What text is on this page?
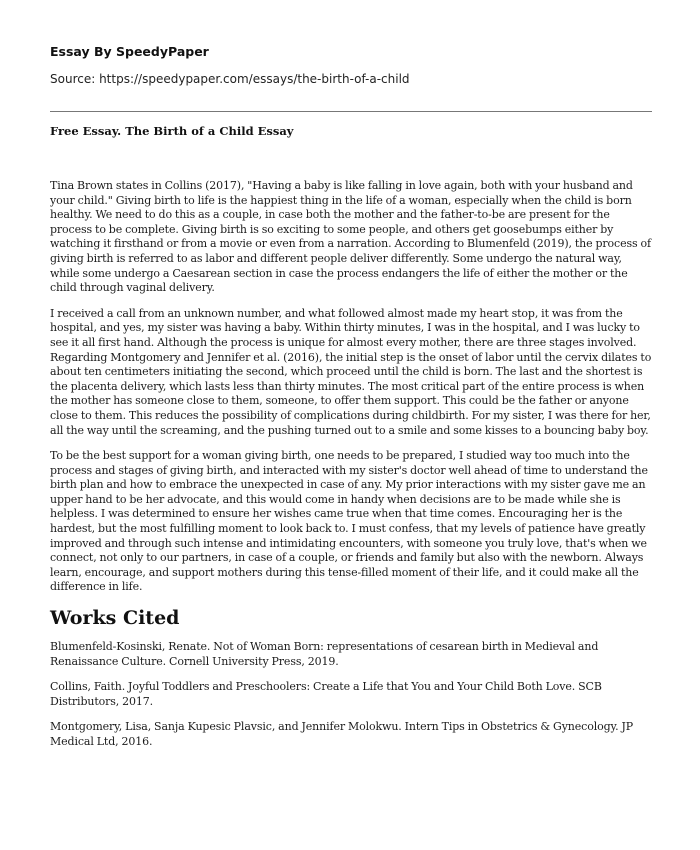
Essay By SpeedyPaper

Source: https://speedypaper.com/essays/the-birth-of-a-child

Free Essay. The Birth of a Child Essay

Tina Brown states in Collins (2017), "Having a baby is like falling in love again, both with your husband and your child." Giving birth to life is the happiest thing in the life of a woman, especially when the child is born healthy. We need to do this as a couple, in case both the mother and the father-to-be are present for the process to be complete. Giving birth is so exciting to some people, and others get goosebumps either by watching it firsthand or from a movie or even from a narration. According to Blumenfeld (2019), the process of giving birth is referred to as labor and different people deliver differently. Some undergo the natural way, while some undergo a Caesarean section in case the process endangers the life of either the mother or the child through vaginal delivery.

I received a call from an unknown number, and what followed almost made my heart stop, it was from the hospital, and yes, my sister was having a baby. Within thirty minutes, I was in the hospital, and I was lucky to see it all first hand. Although the process is unique for almost every mother, there are three stages involved. Regarding Montgomery and Jennifer et al. (2016), the initial step is the onset of labor until the cervix dilates to about ten centimeters initiating the second, which proceed until the child is born. The last and the shortest is the placenta delivery, which lasts less than thirty minutes. The most critical part of the entire process is when the mother has someone close to them, someone, to offer them support. This could be the father or anyone close to them. This reduces the possibility of complications during childbirth. For my sister, I was there for her, all the way until the screaming, and the pushing turned out to a smile and some kisses to a bouncing baby boy.

To be the best support for a woman giving birth, one needs to be prepared, I studied way too much into the process and stages of giving birth, and interacted with my sister's doctor well ahead of time to understand the birth plan and how to embrace the unexpected in case of any. My prior interactions with my sister gave me an upper hand to be her advocate, and this would come in handy when decisions are to be made while she is helpless. I was determined to ensure her wishes came true when that time comes. Encouraging her is the hardest, but the most fulfilling moment to look back to. I must confess, that my levels of patience have greatly improved and through such intense and intimidating encounters, with someone you truly love, that's when we connect, not only to our partners, in case of a couple, or friends and family but also with the newborn. Always learn, encourage, and support mothers during this tense-filled moment of their life, and it could make all the difference in life.

Works Cited

Blumenfeld-Kosinski, Renate. Not of Woman Born: representations of cesarean birth in Medieval and Renaissance Culture. Cornell University Press, 2019.

Collins, Faith. Joyful Toddlers and Preschoolers: Create a Life that You and Your Child Both Love. SCB Distributors, 2017.

Montgomery, Lisa, Sanja Kupesic Plavsic, and Jennifer Molokwu. Intern Tips in Obstetrics & Gynecology. JP Medical Ltd, 2016.
